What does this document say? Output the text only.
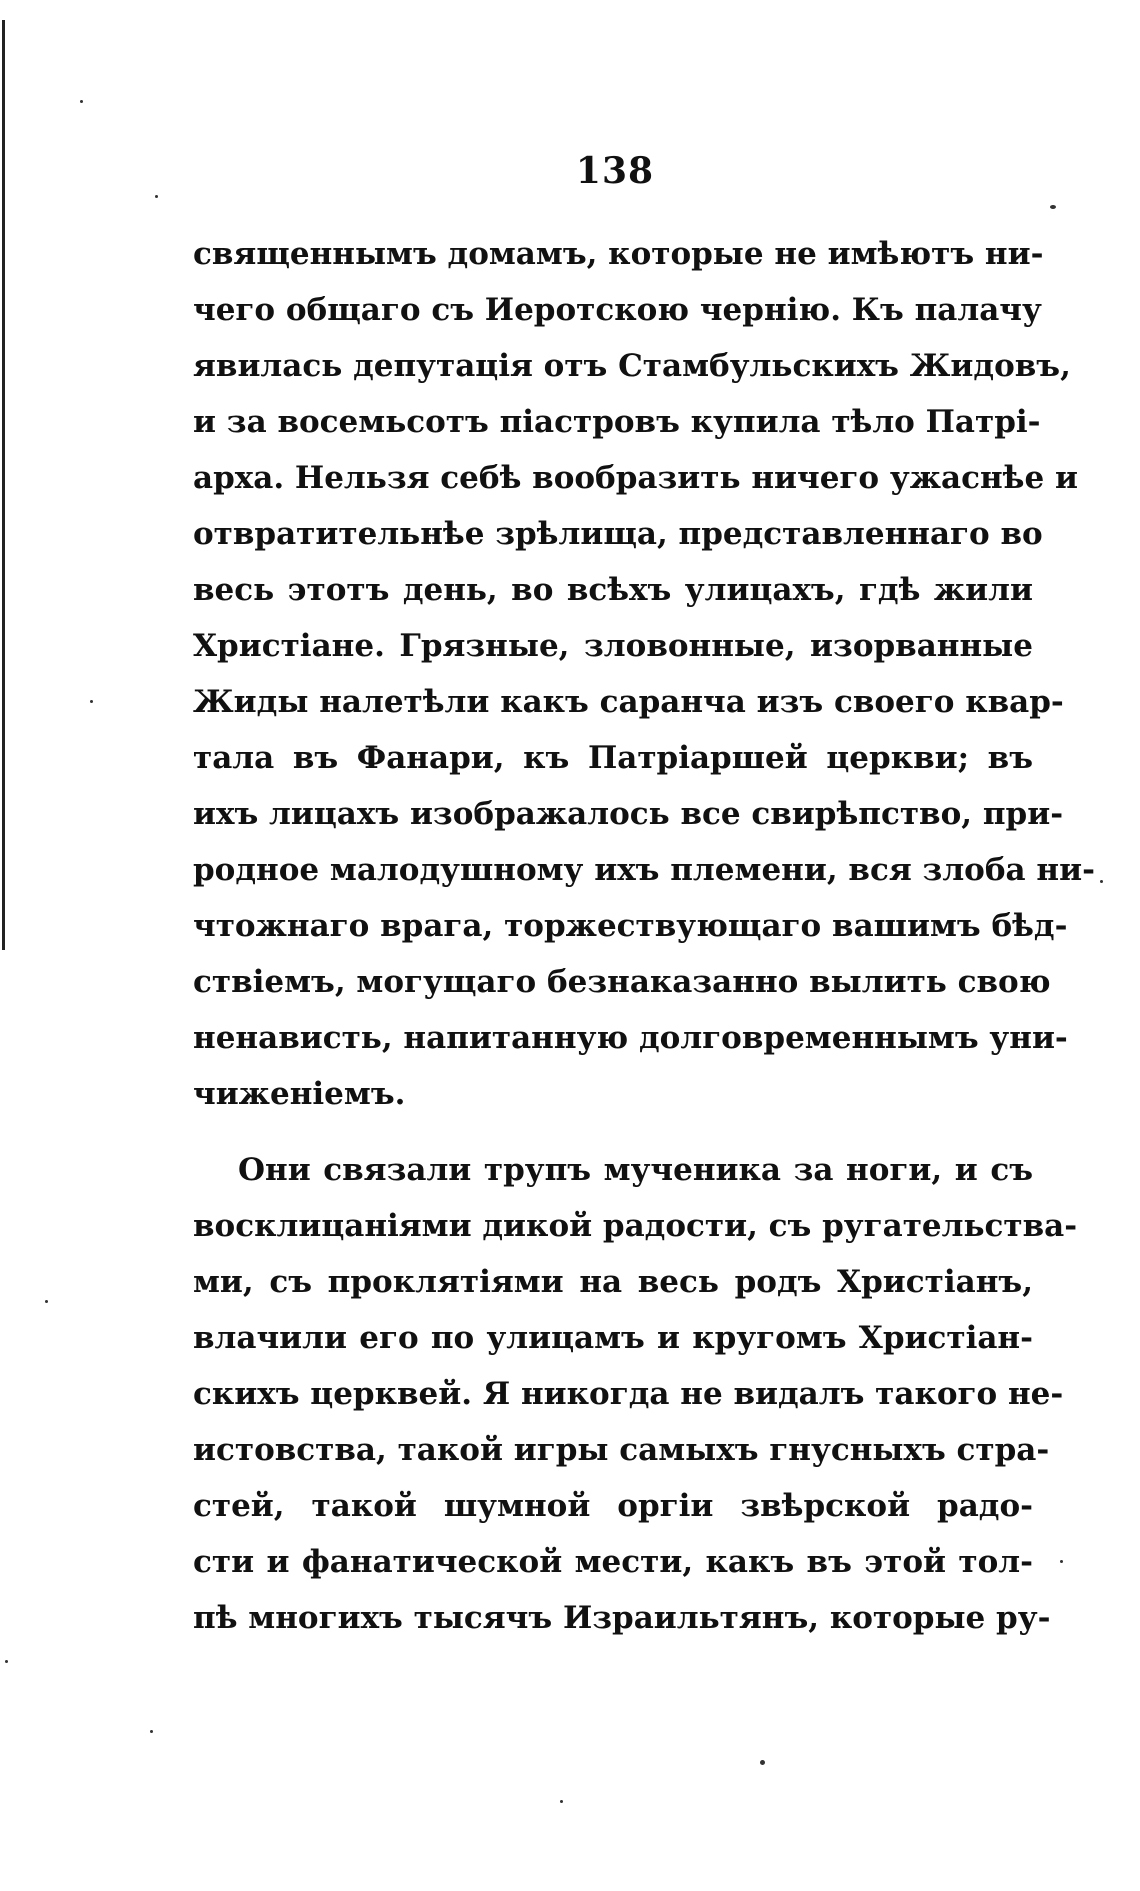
138
священнымъ домамъ, которые не имѣютъ ни-
чего общаго съ Иеротскою чернію. Къ палачу
явилась депутація отъ Стамбульскихъ Жидовъ,
и за восемьсотъ піастровъ купила тѣло Патрі-
арха. Нельзя себѣ вообразить ничего ужаснѣе и
отвратительнѣе зрѣлища, представленнаго во
весь этотъ день, во всѣхъ улицахъ, гдѣ жили
Христіане. Грязные, зловонные, изорванные
Жиды налетѣли какъ саранча изъ своего квар-
тала въ Фанари, къ Патріаршей церкви; въ
ихъ лицахъ изображалось все свирѣпство, при-
родное малодушному ихъ племени, вся злоба ни-
чтожнаго врага, торжествующаго вашимъ бѣд-
ствіемъ, могущаго безнаказанно вылить свою
ненависть, напитанную долговременнымъ уни-
чиженіемъ.
Они связали трупъ мученика за ноги, и съ
восклицаніями дикой радости, съ ругательства-
ми, съ проклятіями на весь родъ Христіанъ,
влачили его по улицамъ и кругомъ Христіан-
скихъ церквей. Я никогда не видалъ такого не-
истовства, такой игры самыхъ гнусныхъ стра-
стей, такой шумной оргіи звѣрской радо-
сти и фанатической мести, какъ въ этой тол-
пѣ многихъ тысячъ Израильтянъ, которые ру-
